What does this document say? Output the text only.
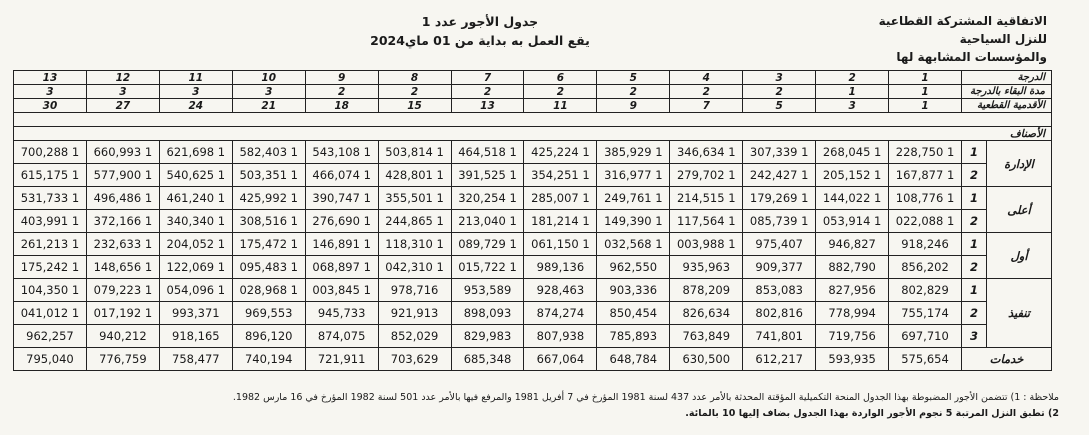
الاتفاقية المشتركة القطاعية
للنزل السياحية
والمؤسسات المشابهة لها
جدول الأجور عدد 1
يقع العمل به بداية من 01 ماي2024
الدرجة		1	2	3	4	5	6	7	8	9	10	11	12	13
مدة البقاء بالدرجة		1	1	2	2	2	2	2	2	2	3	3	3	3
الأقدمية القطعية		1	3	5	7	9	11	13	15	18	21	24	27	30

الأصناف														
الإدارة	1	1 228,750	1 268,045	1 307,339	1 346,634	1 385,929	1 425,224	1 464,518	1 503,814	1 543,108	1 582,403	1 621,698	1 660,993	1 700,288
	2	1 167,877	1 205,152	1 242,427	1 279,702	1 316,977	1 354,251	1 391,525	1 428,801	1 466,074	1 503,351	1 540,625	1 577,900	1 615,175
أعلى	1	1 108,776	1 144,022	1 179,269	1 214,515	1 249,761	1 285,007	1 320,254	1 355,501	1 390,747	1 425,992	1 461,240	1 496,486	1 531,733
	2	1 022,088	1 053,914	1 085,739	1 117,564	1 149,390	1 181,214	1 213,040	1 244,865	1 276,690	1 308,516	1 340,340	1 372,166	1 403,991
أول	1	918,246	946,827	975,407	1 003,988	1 032,568	1 061,150	1 089,729	1 118,310	1 146,891	1 175,472	1 204,052	1 232,633	1 261,213
	2	856,202	882,790	909,377	935,963	962,550	989,136	1 015,722	1 042,310	1 068,897	1 095,483	1 122,069	1 148,656	1 175,242
تنفيذ	1	802,829	827,956	853,083	878,209	903,336	928,463	953,589	978,716	1 003,845	1 028,968	1 054,096	1 079,223	1 104,350
	2	755,174	778,994	802,816	826,634	850,454	874,274	898,093	921,913	945,733	969,553	993,371	1 017,192	1 041,012
	3	697,710	719,756	741,801	763,849	785,893	807,938	829,983	852,029	874,075	896,120	918,165	940,212	962,257
خدمات		575,654	593,935	612,217	630,500	648,784	667,064	685,348	703,629	721,911	740,194	758,477	776,759	795,040
ملاحظة : 1) تتضمن الأجور المضبوطة بهذا الجدول المنحة التكميلية المؤقتة المحدثة بالأمر عدد 437 لسنة 1981 المؤرخ في 7 أفريل 1981 والمرفع فيها بالأمر عدد 501 لسنة 1982 المؤرخ في 16 مارس 1982.
2) تطبق النزل المرتبة 5 نجوم الأجور الواردة بهذا الجدول بضاف إليها 10 بالمائة.
